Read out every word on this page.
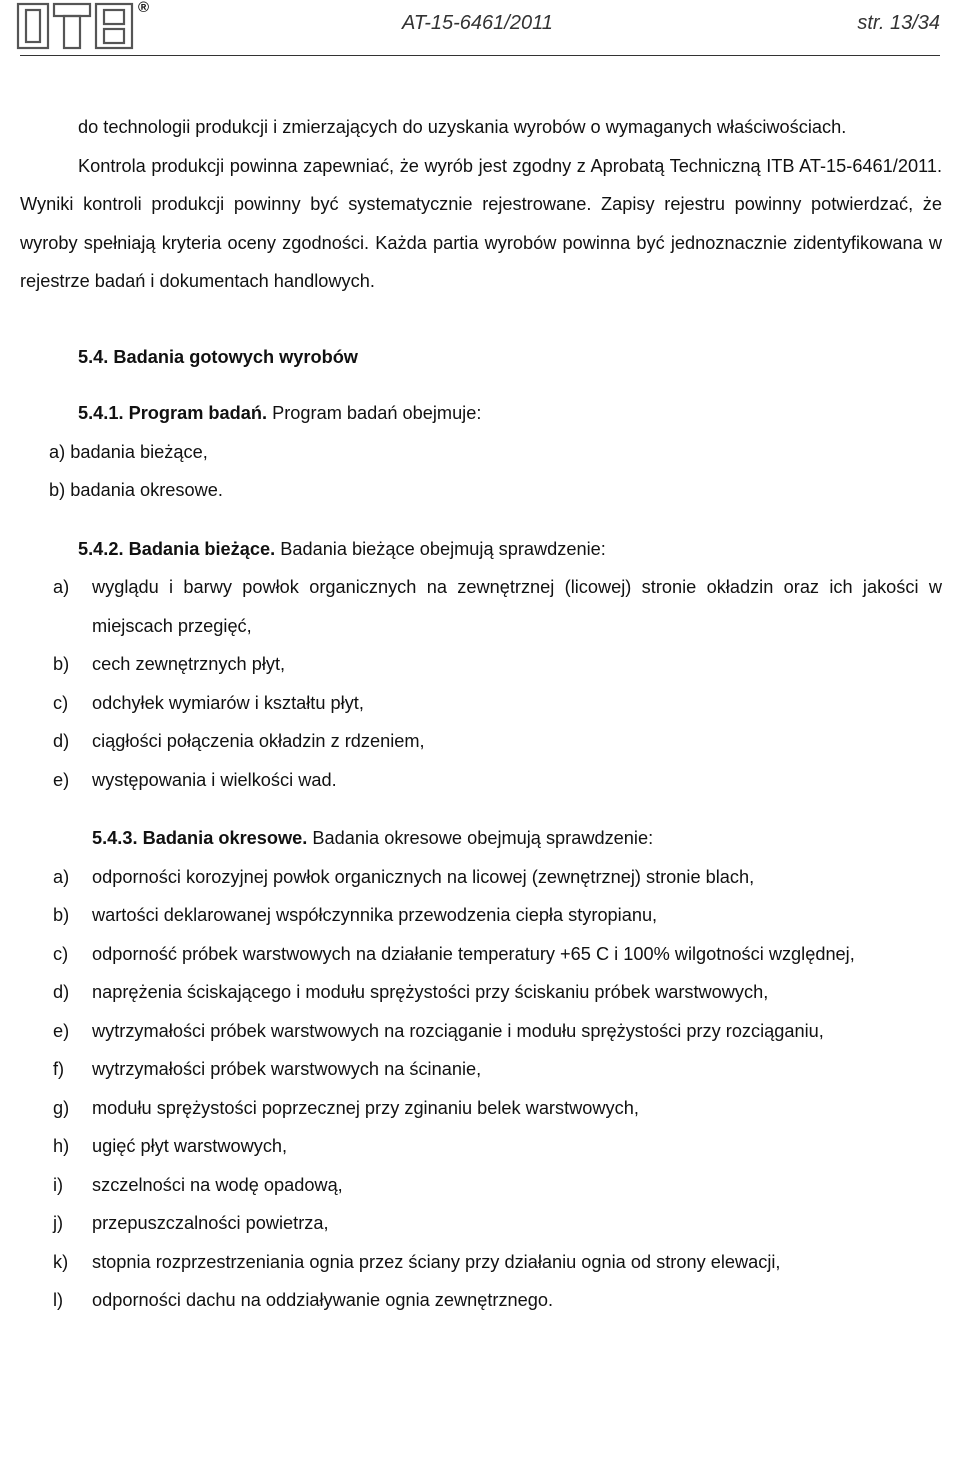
®
AT-15-6461/2011	str. 13/34

do technologii produkcji i zmierzających do uzyskania wyrobów o wymaganych właściwościach.

Kontrola produkcji powinna zapewniać, że wyrób jest zgodny z Aprobatą Techniczną ITB AT-15-6461/2011. Wyniki kontroli produkcji powinny być systematycznie rejestrowane. Zapisy rejestru powinny potwierdzać, że wyroby spełniają kryteria oceny zgodności. Każda partia wyrobów powinna być jednoznacznie zidentyfikowana w rejestrze badań i dokumentach handlowych.

5.4. Badania gotowych wyrobów

5.4.1. Program badań. Program badań obejmuje:

a) badania bieżące,
b) badania okresowe.

5.4.2. Badania bieżące. Badania bieżące obejmują sprawdzenie:

a)	wyglądu i barwy powłok organicznych na zewnętrznej (licowej) stronie okładzin oraz ich jakości w miejscach przegięć,
b)	cech zewnętrznych płyt,
c)	odchyłek wymiarów i kształtu płyt,
d)	ciągłości połączenia okładzin z rdzeniem,
e)	występowania i wielkości wad.

5.4.3. Badania okresowe. Badania okresowe obejmują sprawdzenie:

a)	odporności korozyjnej powłok organicznych na licowej (zewnętrznej) stronie blach,
b)	wartości deklarowanej współczynnika przewodzenia ciepła styropianu,
c)	odporność próbek warstwowych na działanie temperatury +65 C i 100% wilgotności względnej,
d)	naprężenia ściskającego i modułu sprężystości przy ściskaniu próbek warstwowych,
e)	wytrzymałości próbek warstwowych na rozciąganie i modułu sprężystości przy rozciąganiu,
f)	wytrzymałości próbek warstwowych na ścinanie,
g)	modułu sprężystości poprzecznej przy zginaniu belek warstwowych,
h)	ugięć płyt warstwowych,
i)	szczelności na wodę opadową,
j)	przepuszczalności powietrza,
k)	stopnia rozprzestrzeniania ognia przez ściany przy działaniu ognia od strony elewacji,
l)	odporności dachu na oddziaływanie ognia zewnętrznego.
